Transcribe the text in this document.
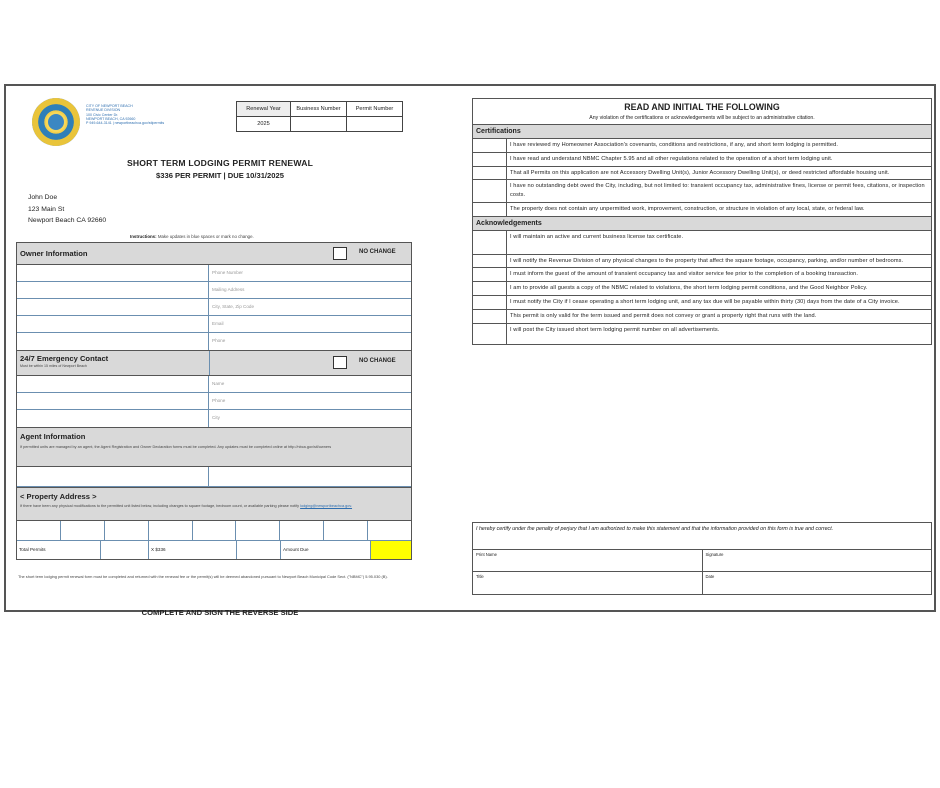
CITY OF NEWPORT BEACH
REVENUE DIVISION
100 Civic Center Dr.
NEWPORT BEACH, CA 92660
P 949-644-3141 | newportbeachca.gov/stlpermits
Renewal Year	Business Number	Permit Number
2025		
SHORT TERM LODGING PERMIT RENEWAL
$336 PER PERMIT | DUE 10/31/2025
John Doe
123 Main St
Newport Beach CA 92660
Instructions: Make updates in blue spaces or mark no change.
Owner Information	NO CHANGE
Phone Number
Mailing Address
City, State, Zip Code
Email
Phone
24/7 Emergency Contact
Must be within 15 miles of Newport Beach
NO CHANGE
Name
Phone
City
Agent Information
If permitted units are managed by an agent, the Agent Registration and Owner Declaration forms must be completed. Any updates must be completed online at http://nbca.gov/stl/owners
< Property Address >
If there have been any physical modifications to the permitted unit listed below, including changes to square footage, bedroom count, or available parking please notify lodging@newportbeachca.gov.
Total Permits	X $336	Amount Due
The short term lodging permit renewal form must be completed and returned with the renewal fee or the permit(s) will be deemed abandoned pursuant to Newport Beach Municipal Code Sect. ("NBMC") 5.95.030 (B).
COMPLETE AND SIGN THE REVERSE SIDE
READ AND INITIAL THE FOLLOWING
Any violation of the certifications or acknowledgements will be subject to an administrative citation.
Certifications
I have reviewed my Homeowner Association's covenants, conditions and restrictions, if any, and short term lodging is permitted.
I have read and understand NBMC Chapter 5.95 and all other regulations related to the operation of a short term lodging unit.
That all Permits on this application are not Accessory Dwelling Unit(s), Junior Accessory Dwelling Unit(s), or deed restricted affordable housing unit.
I have no outstanding debt owed the City, including, but not limited to: transient occupancy tax, administrative fines, license or permit fees, citations, or inspection costs.
The property does not contain any unpermitted work, improvement, construction, or structure in violation of any local, state, or federal law.
Acknowledgements
I will maintain an active and current business license tax certificate.
I will notify the Revenue Division of any physical changes to the property that affect the square footage, occupancy, parking, and/or number of bedrooms.
I must inform the guest of the amount of transient occupancy tax and visitor service fee prior to the completion of a booking transaction.
I am to provide all guests a copy of the NBMC related to violations, the short term lodging permit conditions, and the Good Neighbor Policy.
I must notify the City if I cease operating a short term lodging unit, and any tax due will be payable within thirty (30) days from the date of a City invoice.
This permit is only valid for the term issued and permit does not convey or grant a property right that runs with the land.
I will post the City issued short term lodging permit number on all advertisements.
I hereby certify under the penalty of perjury that I am authorized to make this statement and that the information provided on this form is true and correct.
Print Name	Signature
Title	Date
